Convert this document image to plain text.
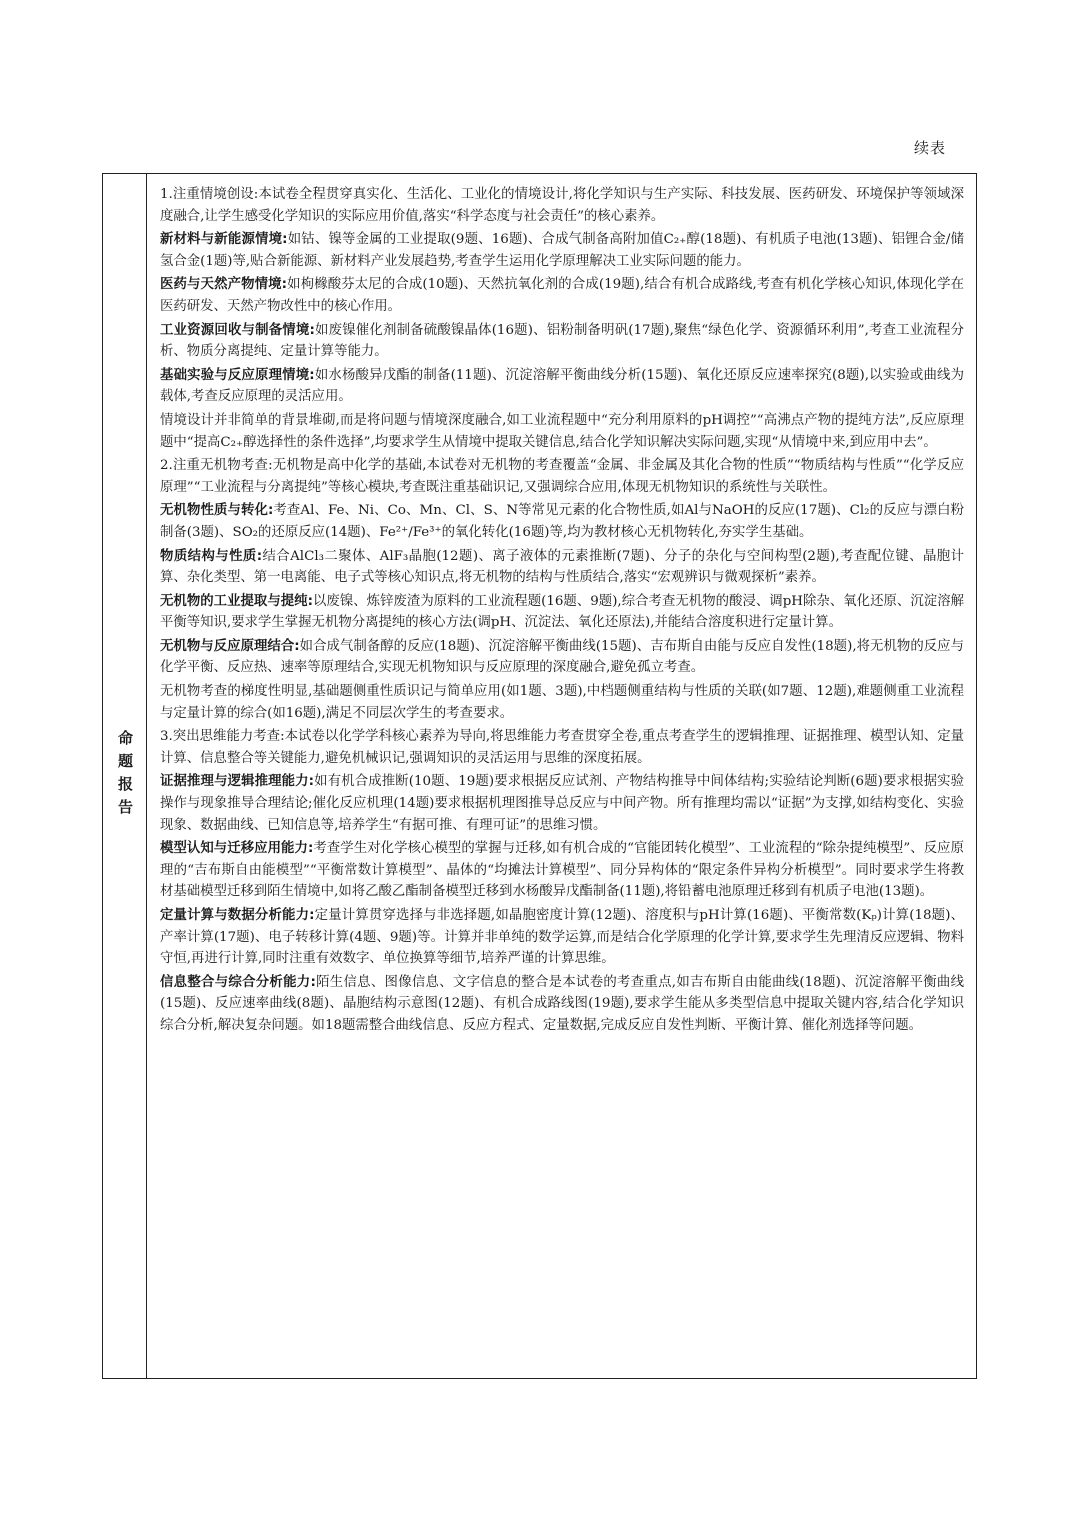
续表
命题报告

1.注重情境创设:本试卷全程贯穿真实化、生活化、工业化的情境设计,将化学知识与生产实际、科技发展、医药研发、环境保护等领域深度融合,让学生感受化学知识的实际应用价值,落实“科学态度与社会责任”的核心素养。

新材料与新能源情境:如钴、镍等金属的工业提取(9题、16题)、合成气制备高附加值C₂₊醇(18题)、有机质子电池(13题)、铝锂合金/储氢合金(1题)等,贴合新能源、新材料产业发展趋势,考查学生运用化学原理解决工业实际问题的能力。

医药与天然产物情境:如枸橼酸芬太尼的合成(10题)、天然抗氧化剂的合成(19题),结合有机合成路线,考查有机化学核心知识,体现化学在医药研发、天然产物改性中的核心作用。

工业资源回收与制备情境:如废镍催化剂制备硫酸镍晶体(16题)、铝粉制备明矾(17题),聚焦“绿色化学、资源循环利用”,考查工业流程分析、物质分离提纯、定量计算等能力。

基础实验与反应原理情境:如水杨酸异戊酯的制备(11题)、沉淀溶解平衡曲线分析(15题)、氧化还原反应速率探究(8题),以实验或曲线为载体,考查反应原理的灵活应用。

情境设计并非简单的背景堆砌,而是将问题与情境深度融合,如工业流程题中“充分利用原料的pH调控”“高沸点产物的提纯方法”,反应原理题中“提高C₂₊醇选择性的条件选择”,均要求学生从情境中提取关键信息,结合化学知识解决实际问题,实现“从情境中来,到应用中去”。

2.注重无机物考查:无机物是高中化学的基础,本试卷对无机物的考查覆盖“金属、非金属及其化合物的性质”“物质结构与性质”“化学反应原理”“工业流程与分离提纯”等核心模块,考查既注重基础识记,又强调综合应用,体现无机物知识的系统性与关联性。

无机物性质与转化:考查Al、Fe、Ni、Co、Mn、Cl、S、N等常见元素的化合物性质,如Al与NaOH的反应(17题)、Cl₂的反应与漂白粉制备(3题)、SO₂的还原反应(14题)、Fe²⁺/Fe³⁺的氧化转化(16题)等,均为教材核心无机物转化,夯实学生基础。

物质结构与性质:结合AlCl₃二聚体、AlF₃晶胞(12题)、离子液体的元素推断(7题)、分子的杂化与空间构型(2题),考查配位键、晶胞计算、杂化类型、第一电离能、电子式等核心知识点,将无机物的结构与性质结合,落实“宏观辨识与微观探析”素养。

无机物的工业提取与提纯:以废镍、炼锌废渣为原料的工业流程题(16题、9题),综合考查无机物的酸浸、调pH除杂、氧化还原、沉淀溶解平衡等知识,要求学生掌握无机物分离提纯的核心方法(调pH、沉淀法、氧化还原法),并能结合溶度积进行定量计算。

无机物与反应原理结合:如合成气制备醇的反应(18题)、沉淀溶解平衡曲线(15题)、吉布斯自由能与反应自发性(18题),将无机物的反应与化学平衡、反应热、速率等原理结合,实现无机物知识与反应原理的深度融合,避免孤立考查。

无机物考查的梯度性明显,基础题侧重性质识记与简单应用(如1题、3题),中档题侧重结构与性质的关联(如7题、12题),难题侧重工业流程与定量计算的综合(如16题),满足不同层次学生的考查要求。

3.突出思维能力考查:本试卷以化学学科核心素养为导向,将思维能力考查贯穿全卷,重点考查学生的逻辑推理、证据推理、模型认知、定量计算、信息整合等关键能力,避免机械识记,强调知识的灵活运用与思维的深度拓展。

证据推理与逻辑推理能力:如有机合成推断(10题、19题)要求根据反应试剂、产物结构推导中间体结构;实验结论判断(6题)要求根据实验操作与现象推导合理结论;催化反应机理(14题)要求根据机理图推导总反应与中间产物。所有推理均需以“证据”为支撑,如结构变化、实验现象、数据曲线、已知信息等,培养学生“有据可推、有理可证”的思维习惯。

模型认知与迁移应用能力:考查学生对化学核心模型的掌握与迁移,如有机合成的“官能团转化模型”、工业流程的“除杂提纯模型”、反应原理的“吉布斯自由能模型”“平衡常数计算模型”、晶体的“均摊法计算模型”、同分异构体的“限定条件异构分析模型”。同时要求学生将教材基础模型迁移到陌生情境中,如将乙酸乙酯制备模型迁移到水杨酸异戊酯制备(11题),将铅蓄电池原理迁移到有机质子电池(13题)。

定量计算与数据分析能力:定量计算贯穿选择与非选择题,如晶胞密度计算(12题)、溶度积与pH计算(16题)、平衡常数(Kₚ)计算(18题)、产率计算(17题)、电子转移计算(4题、9题)等。计算并非单纯的数学运算,而是结合化学原理的化学计算,要求学生先理清反应逻辑、物料守恒,再进行计算,同时注重有效数字、单位换算等细节,培养严谨的计算思维。

信息整合与综合分析能力:陌生信息、图像信息、文字信息的整合是本试卷的考查重点,如吉布斯自由能曲线(18题)、沉淀溶解平衡曲线(15题)、反应速率曲线(8题)、晶胞结构示意图(12题)、有机合成路线图(19题),要求学生能从多类型信息中提取关键内容,结合化学知识综合分析,解决复杂问题。如18题需整合曲线信息、反应方程式、定量数据,完成反应自发性判断、平衡计算、催化剂选择等问题。
